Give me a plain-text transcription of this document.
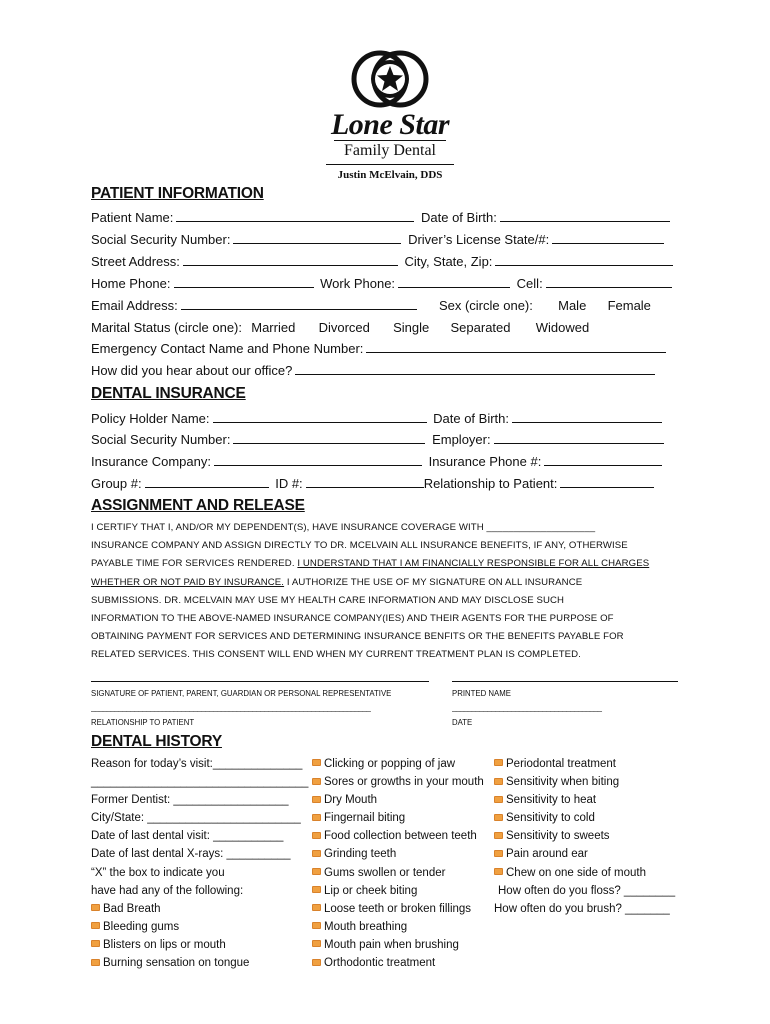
Lone Star
Family Dental
Justin McElvain, DDS
PATIENT INFORMATION
Patient Name:	Date of Birth:
Social Security Number:	Driver’s License State/#:
Street Address:	City, State, Zip:
Home Phone:	Work Phone:	Cell:
Email Address:	Sex (circle one): Male Female
Marital Status (circle one): Married Divorced Single Separated Widowed
Emergency Contact Name and Phone Number:
How did you hear about our office?
DENTAL INSURANCE
Policy Holder Name:	Date of Birth:
Social Security Number:	Employer:
Insurance Company:	Insurance Phone #:
Group #:	ID #:	Relationship to Patient:
ASSIGNMENT AND RELEASE
I CERTIFY THAT I, AND/OR MY DEPENDENT(S), HAVE INSURANCE COVERAGE WITH ____________________
INSURANCE COMPANY AND ASSIGN DIRECTLY TO DR. MCELVAIN ALL INSURANCE BENEFITS, IF ANY, OTHERWISE
PAYABLE TIME FOR SERVICES RENDERED. I UNDERSTAND THAT I AM FINANCIALLY RESPONSIBLE FOR ALL CHARGES
WHETHER OR NOT PAID BY INSURANCE. I AUTHORIZE THE USE OF MY SIGNATURE ON ALL INSURANCE
SUBMISSIONS. DR. MCELVAIN MAY USE MY HEALTH CARE INFORMATION AND MAY DISCLOSE SUCH
INFORMATION TO THE ABOVE-NAMED INSURANCE COMPANY(IES) AND THEIR AGENTS FOR THE PURPOSE OF
OBTAINING PAYMENT FOR SERVICES AND DETERMINING INSURANCE BENFITS OR THE BENEFITS PAYABLE FOR
RELATED SERVICES. THIS CONSENT WILL END WHEN MY CURRENT TREATMENT PLAN IS COMPLETED.
SIGNATURE OF PATIENT, PARENT, GUARDIAN OR PERSONAL REPRESENTATIVE	PRINTED NAME
_______________________________________________________________________	______________________________________
RELATIONSHIP TO PATIENT	DATE
DENTAL HISTORY
Reason for today’s visit:______________
__________________________________
Former Dentist: __________________
City/State: ________________________
Date of last dental visit: ___________
Date of last dental X-rays: __________
“X” the box to indicate you
have had any of the following:
Bad Breath
Bleeding gums
Blisters on lips or mouth
Burning sensation on tongue
Clicking or popping of jaw
Sores or growths in your mouth
Dry Mouth
Fingernail biting
Food collection between teeth
Grinding teeth
Gums swollen or tender
Lip or cheek biting
Loose teeth or broken fillings
Mouth breathing
Mouth pain when brushing
Orthodontic treatment
Periodontal treatment
Sensitivity when biting
Sensitivity to heat
Sensitivity to cold
Sensitivity to sweets
Pain around ear
Chew on one side of mouth
How often do you floss? ________
How often do you brush? _______
